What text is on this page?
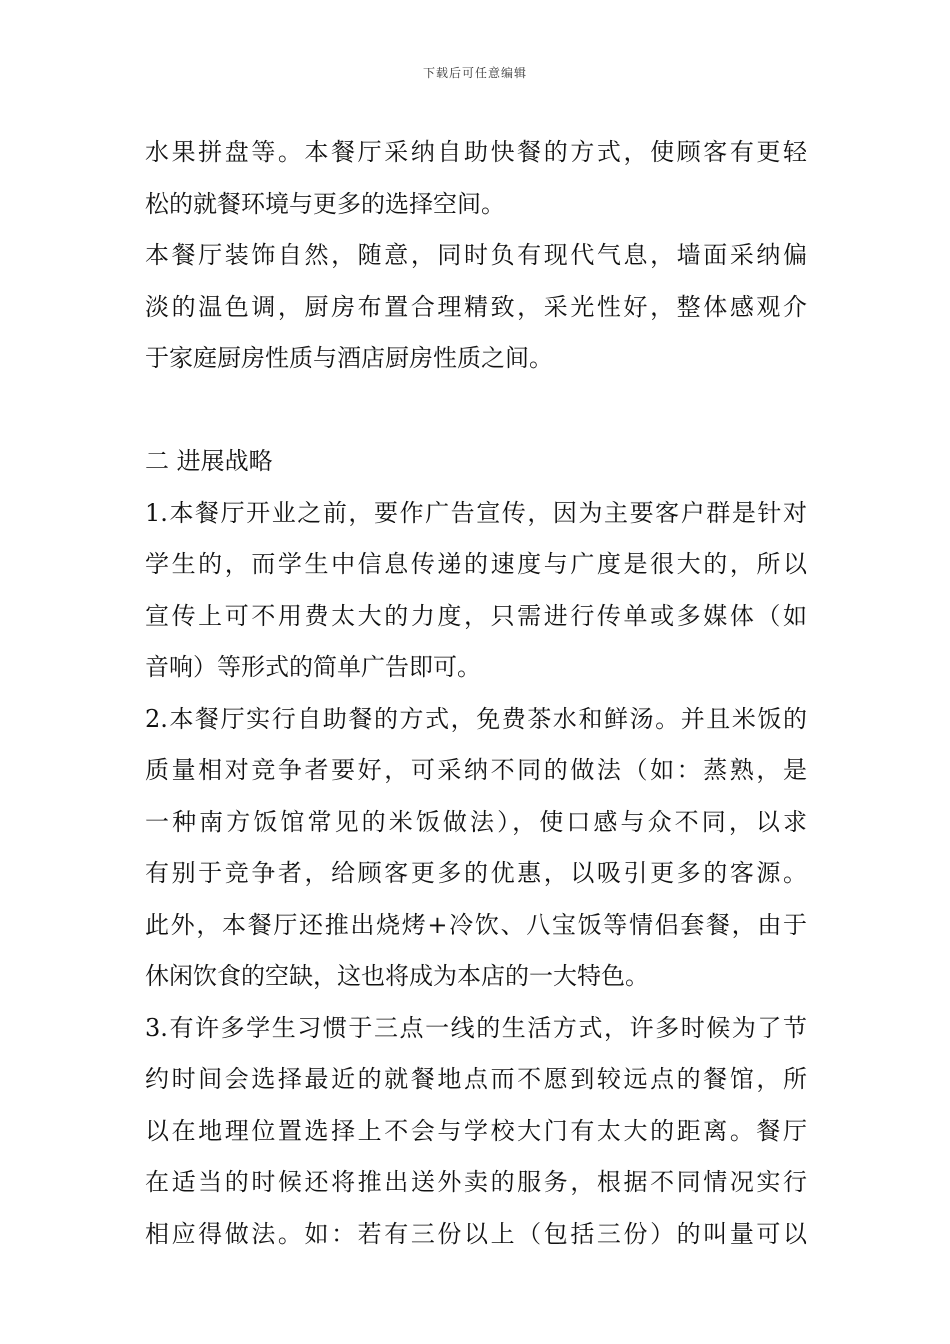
下载后可任意编辑
水果拼盘等。本餐厅采纳自助快餐的方式，使顾客有更轻
松的就餐环境与更多的选择空间。
本餐厅装饰自然，随意，同时负有现代气息，墙面采纳偏
淡的温色调，厨房布置合理精致，采光性好，整体感观介
于家庭厨房性质与酒店厨房性质之间。
二 进展战略
1.本餐厅开业之前，要作广告宣传，因为主要客户群是针对
学生的，而学生中信息传递的速度与广度是很大的，所以
宣传上可不用费太大的力度，只需进行传单或多媒体（如
音响）等形式的简单广告即可。
2.本餐厅实行自助餐的方式，免费茶水和鲜汤。并且米饭的
质量相对竞争者要好，可采纳不同的做法（如：蒸熟，是
一种南方饭馆常见的米饭做法），使口感与众不同，以求
有别于竞争者，给顾客更多的优惠，以吸引更多的客源。
此外，本餐厅还推出烧烤+冷饮、八宝饭等情侣套餐，由于
休闲饮食的空缺，这也将成为本店的一大特色。
3.有许多学生习惯于三点一线的生活方式，许多时候为了节
约时间会选择最近的就餐地点而不愿到较远点的餐馆，所
以在地理位置选择上不会与学校大门有太大的距离。餐厅
在适当的时候还将推出送外卖的服务，根据不同情况实行
相应得做法。如：若有三份以上（包括三份）的叫量可以
